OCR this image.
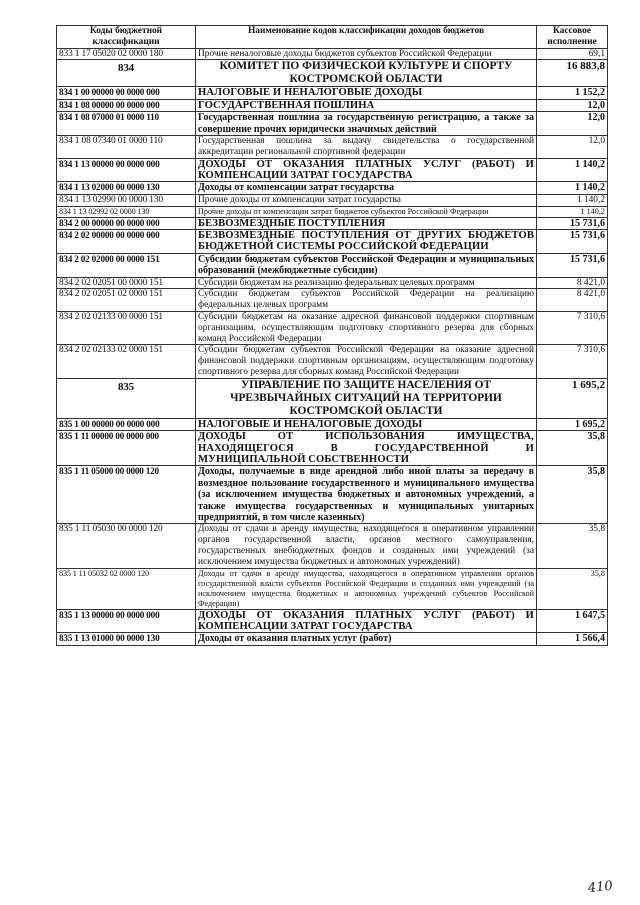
Коды бюджетной классификации	Наименование кодов классификации доходов бюджетов	Кассовое исполнение
833 1 17 05020 02 0000 180	Прочие неналоговые доходы бюджетов субъектов Российской Федерации	69,1
834	КОМИТЕТ ПО ФИЗИЧЕСКОЙ КУЛЬТУРЕ И СПОРТУ КОСТРОМСКОЙ ОБЛАСТИ	16 883,8
834 1 00 00000 00 0000 000	НАЛОГОВЫЕ И НЕНАЛОГОВЫЕ ДОХОДЫ	1 152,2
834 1 08 00000 00 0000 000	ГОСУДАРСТВЕННАЯ ПОШЛИНА	12,0
834 1 08 07000 01 0000 110	Государственная пошлина за государственную регистрацию, а также за совершение прочих юридически значимых действий	12,0
834 1 08 07340 01 0000 110	Государственная пошлина за выдачу свидетельства о государственной аккредитации региональной спортивной федерации	12,0
834 1 13 00000 00 0000 000	ДОХОДЫ ОТ ОКАЗАНИЯ ПЛАТНЫХ УСЛУГ (РАБОТ) И КОМПЕНСАЦИИ ЗАТРАТ ГОСУДАРСТВА	1 140,2
834 1 13 02000 00 0000 130	Доходы от компенсации затрат государства	1 140,2
834 1 13 02990 00 0000 130	Прочие доходы от компенсации затрат государства	1 140,2
834 1 13 02992 02 0000 130	Прочие доходы от компенсации затрат бюджетов субъектов Российской Федерации	1 140,2
834 2 00 00000 00 0000 000	БЕЗВОЗМЕЗДНЫЕ ПОСТУПЛЕНИЯ	15 731,6
834 2 02 00000 00 0000 000	БЕЗВОЗМЕЗДНЫЕ ПОСТУПЛЕНИЯ ОТ ДРУГИХ БЮДЖЕТОВ БЮДЖЕТНОЙ СИСТЕМЫ РОССИЙСКОЙ ФЕДЕРАЦИИ	15 731,6
834 2 02 02000 00 0000 151	Субсидии бюджетам субъектов Российской Федерации и муниципальных образований (межбюджетные субсидии)	15 731,6
834 2 02 02051 00 0000 151	Субсидии бюджетам на реализацию федеральных целевых программ	8 421,0
834 2 02 02051 02 0000 151	Субсидии бюджетам субъектов Российской Федерации на реализацию федеральных целевых программ	8 421,0
834 2 02 02133 00 0000 151	Субсидии бюджетам на оказание адресной финансовой поддержки спортивным организациям, осуществляющим подготовку спортивного резерва для сборных команд Российской Федерации	7 310,6
834 2 02 02133 02 0000 151	Субсидии бюджетам субъектов Российской Федерации на оказание адресной финансовой поддержки спортивным организациям, осуществляющим подготовку спортивного резерва для сборных команд Российской Федерации	7 310,6
835	УПРАВЛЕНИЕ ПО ЗАЩИТЕ НАСЕЛЕНИЯ ОТ ЧРЕЗВЫЧАЙНЫХ СИТУАЦИЙ НА ТЕРРИТОРИИ КОСТРОМСКОЙ ОБЛАСТИ	1 695,2
835 1 00 00000 00 0000 000	НАЛОГОВЫЕ И НЕНАЛОГОВЫЕ ДОХОДЫ	1 695,2
835 1 11 00000 00 0000 000	ДОХОДЫ ОТ ИСПОЛЬЗОВАНИЯ ИМУЩЕСТВА, НАХОДЯЩЕГОСЯ В ГОСУДАРСТВЕННОЙ И МУНИЦИПАЛЬНОЙ СОБСТВЕННОСТИ	35,8
835 1 11 05000 00 0000 120	Доходы, получаемые в виде арендной либо иной платы за передачу в возмездное пользование государственного и муниципального имущества (за исключением имущества бюджетных и автономных учреждений, а также имущества государственных и муниципальных унитарных предприятий, в том числе казенных)	35,8
835 1 11 05030 00 0000 120	Доходы от сдачи в аренду имущества, находящегося в оперативном управлении органов государственной власти, органов местного самоуправления, государственных внебюджетных фондов и созданных ими учреждений (за исключением имущества бюджетных и автономных учреждений)	35,8
835 1 11 05032 02 0000 120	Доходы от сдачи в аренду имущества, находящегося в оперативном управлении органов государственной власти субъектов Российской Федерации и созданных ими учреждений (за исключением имущества бюджетных и автономных учреждений субъектов Российской Федерации)	35,8
835 1 13 00000 00 0000 000	ДОХОДЫ ОТ ОКАЗАНИЯ ПЛАТНЫХ УСЛУГ (РАБОТ) И КОМПЕНСАЦИИ ЗАТРАТ ГОСУДАРСТВА	1 647,5
835 1 13 01000 00 0000 130	Доходы от оказания платных услуг (работ)	1 566,4
410
